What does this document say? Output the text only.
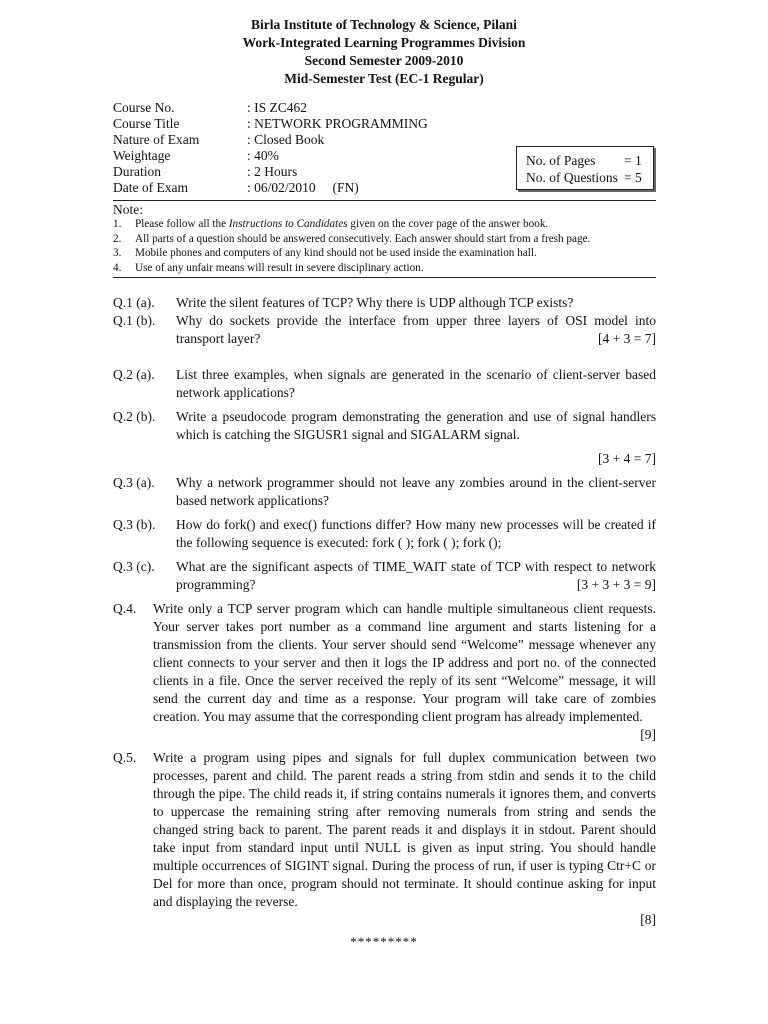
Birla Institute of Technology & Science, Pilani
Work-Integrated Learning Programmes Division
Second Semester 2009-2010
Mid-Semester Test (EC-1 Regular)
Course No.	: IS ZC462
Course Title	: NETWORK PROGRAMMING
Nature of Exam	: Closed Book
Weightage	: 40%
Duration	: 2 Hours
Date of Exam	: 06/02/2010     (FN)
No. of Pages	= 1
No. of Questions = 5
Note:
1.	Please follow all the Instructions to Candidates given on the cover page of the answer book.
2.	All parts of a question should be answered consecutively. Each answer should start from a fresh page.
3.	Mobile phones and computers of any kind should not be used inside the examination hall.
4.	Use of any unfair means will result in severe disciplinary action.
Q.1 (a). Write the silent features of TCP? Why there is UDP although TCP exists?
Q.1 (b). Why do sockets provide the interface from upper three layers of OSI model into transport layer?	[4 + 3 = 7]
Q.2 (a). List three examples, when signals are generated in the scenario of client-server based network applications?
Q.2 (b). Write a pseudocode program demonstrating the generation and use of signal handlers which is catching the SIGUSR1 signal and SIGALARM signal.
[3 + 4 = 7]
Q.3 (a). Why a network programmer should not leave any zombies around in the client-server based network applications?
Q.3 (b). How do fork() and exec() functions differ? How many new processes will be created if the following sequence is executed: fork ( ); fork ( ); fork ();
Q.3 (c). What are the significant aspects of TIME_WAIT state of TCP with respect to network programming?	[3 + 3 + 3 = 9]
Q.4. Write only a TCP server program which can handle multiple simultaneous client requests. Your server takes port number as a command line argument and starts listening for a transmission from the clients. Your server should send “Welcome” message whenever any client connects to your server and then it logs the IP address and port no. of the connected clients in a file. Once the server received the reply of its sent “Welcome” message, it will send the current day and time as a response. Your program will take care of zombies creation. You may assume that the corresponding client program has already implemented.
[9]
Q.5. Write a program using pipes and signals for full duplex communication between two processes, parent and child. The parent reads a string from stdin and sends it to the child through the pipe. The child reads it, if string contains numerals it ignores them, and converts to uppercase the remaining string after removing numerals from string and sends the changed string back to parent. The parent reads it and displays it in stdout. Parent should take input from standard input until NULL is given as input string. You should handle multiple occurrences of SIGINT signal. During the process of run, if user is typing Ctr+C or Del for more than once, program should not terminate. It should continue asking for input and displaying the reverse.
[8]
*********
